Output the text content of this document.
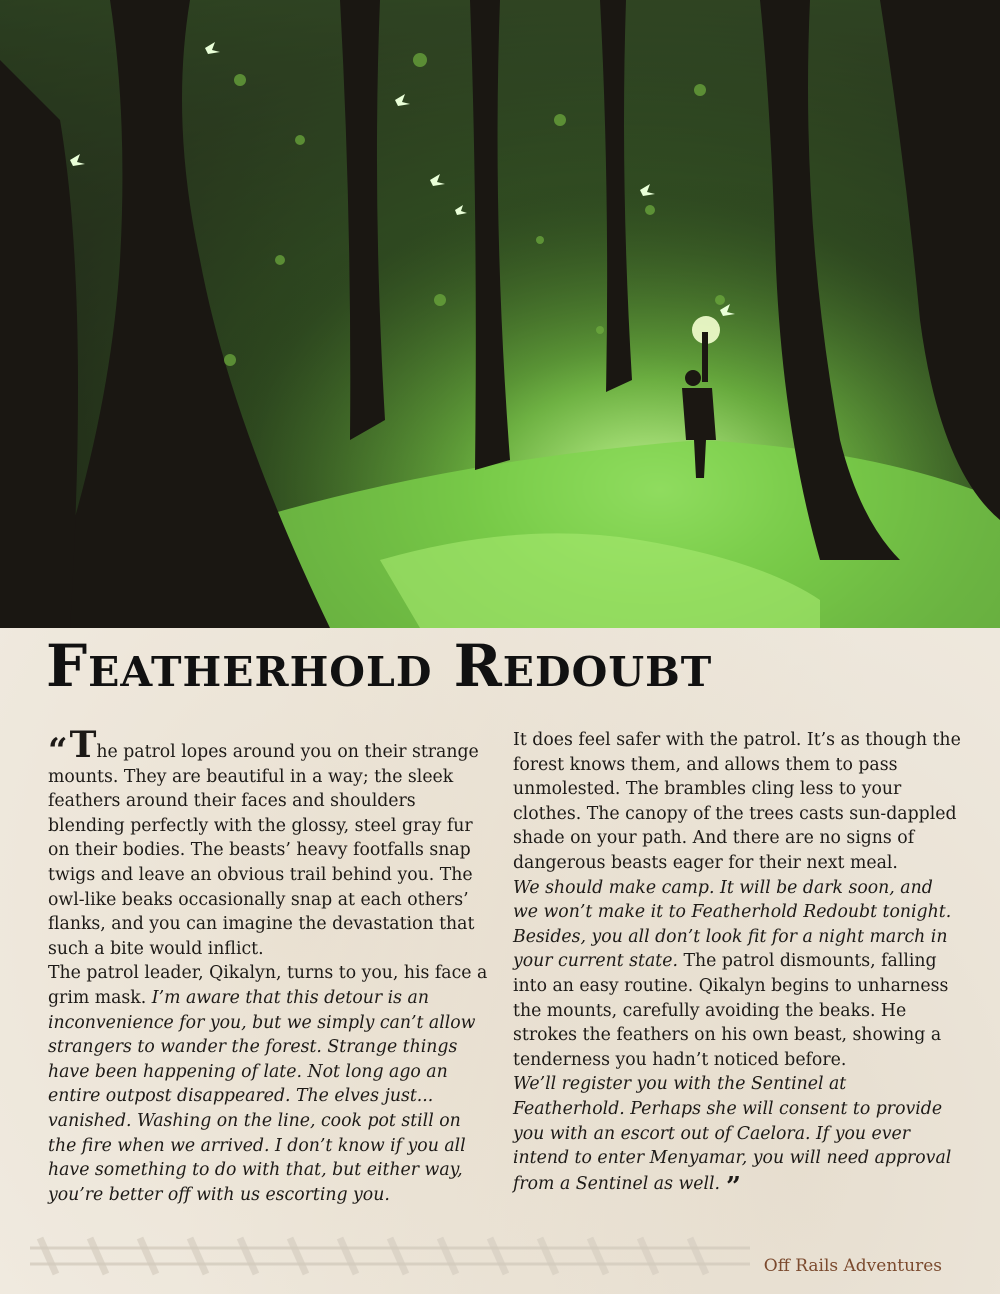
Featherhold Redoubt

“The patrol lopes around you on their strange mounts. They are beautiful in a way; the sleek feathers around their faces and shoulders blending perfectly with the glossy, steel gray fur on their bodies. The beasts’ heavy footfalls snap twigs and leave an obvious trail behind you. The owl-like beaks occasionally snap at each others’ flanks, and you can imagine the devastation that such a bite would inflict.

The patrol leader, Qikalyn, turns to you, his face a grim mask. I’m aware that this detour is an inconvenience for you, but we simply can’t allow strangers to wander the forest. Strange things have been happening of late. Not long ago an entire outpost disappeared. The elves just... vanished. Washing on the line, cook pot still on the fire when we arrived. I don’t know if you all have something to do with that, but either way, you’re better off with us escorting you.

It does feel safer with the patrol. It’s as though the forest knows them, and allows them to pass unmolested. The brambles cling less to your clothes. The canopy of the trees casts sun-dappled shade on your path. And there are no signs of dangerous beasts eager for their next meal.

We should make camp. It will be dark soon, and we won’t make it to Featherhold Redoubt tonight. Besides, you all don’t look fit for a night march in your current state. The patrol dismounts, falling into an easy routine. Qikalyn begins to unharness the mounts, carefully avoiding the beaks. He strokes the feathers on his own beast, showing a tenderness you hadn’t noticed before.

We’ll register you with the Sentinel at Featherhold. Perhaps she will consent to provide you with an escort out of Caelora. If you ever intend to enter Menyamar, you will need approval from a Sentinel as well. ”

Off Rails Adventures
